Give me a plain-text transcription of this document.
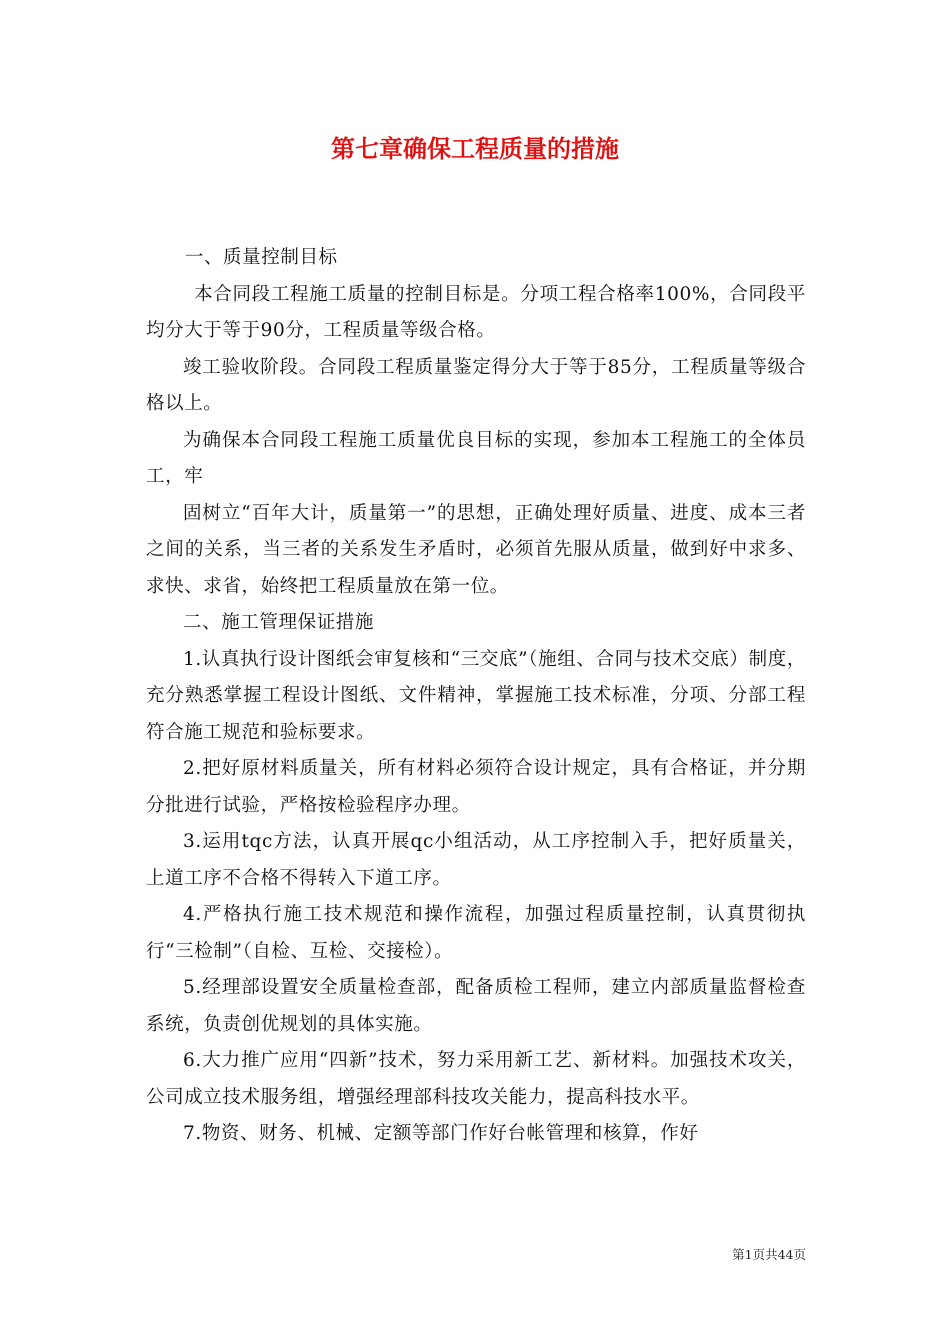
第七章确保工程质量的措施

一、质量控制目标

本合同段工程施工质量的控制目标是。分项工程合格率100%，合同段平均分大于等于90分，工程质量等级合格。

竣工验收阶段。合同段工程质量鉴定得分大于等于85分，工程质量等级合格以上。

为确保本合同段工程施工质量优良目标的实现，参加本工程施工的全体员工，牢

固树立“百年大计，质量第一”的思想，正确处理好质量、进度、成本三者之间的关系，当三者的关系发生矛盾时，必须首先服从质量，做到好中求多、求快、求省，始终把工程质量放在第一位。

二、施工管理保证措施

1.认真执行设计图纸会审复核和“三交底”（施组、合同与技术交底）制度，充分熟悉掌握工程设计图纸、文件精神，掌握施工技术标准，分项、分部工程符合施工规范和验标要求。

2.把好原材料质量关，所有材料必须符合设计规定，具有合格证，并分期分批进行试验，严格按检验程序办理。

3.运用tqc方法，认真开展qc小组活动，从工序控制入手，把好质量关，上道工序不合格不得转入下道工序。

4.严格执行施工技术规范和操作流程，加强过程质量控制，认真贯彻执行“三检制”（自检、互检、交接检）。

5.经理部设置安全质量检查部，配备质检工程师，建立内部质量监督检查系统，负责创优规划的具体实施。

6.大力推广应用“四新”技术，努力采用新工艺、新材料。加强技术攻关，公司成立技术服务组，增强经理部科技攻关能力，提高科技水平。

7.物资、财务、机械、定额等部门作好台帐管理和核算，作好

第1页共44页
